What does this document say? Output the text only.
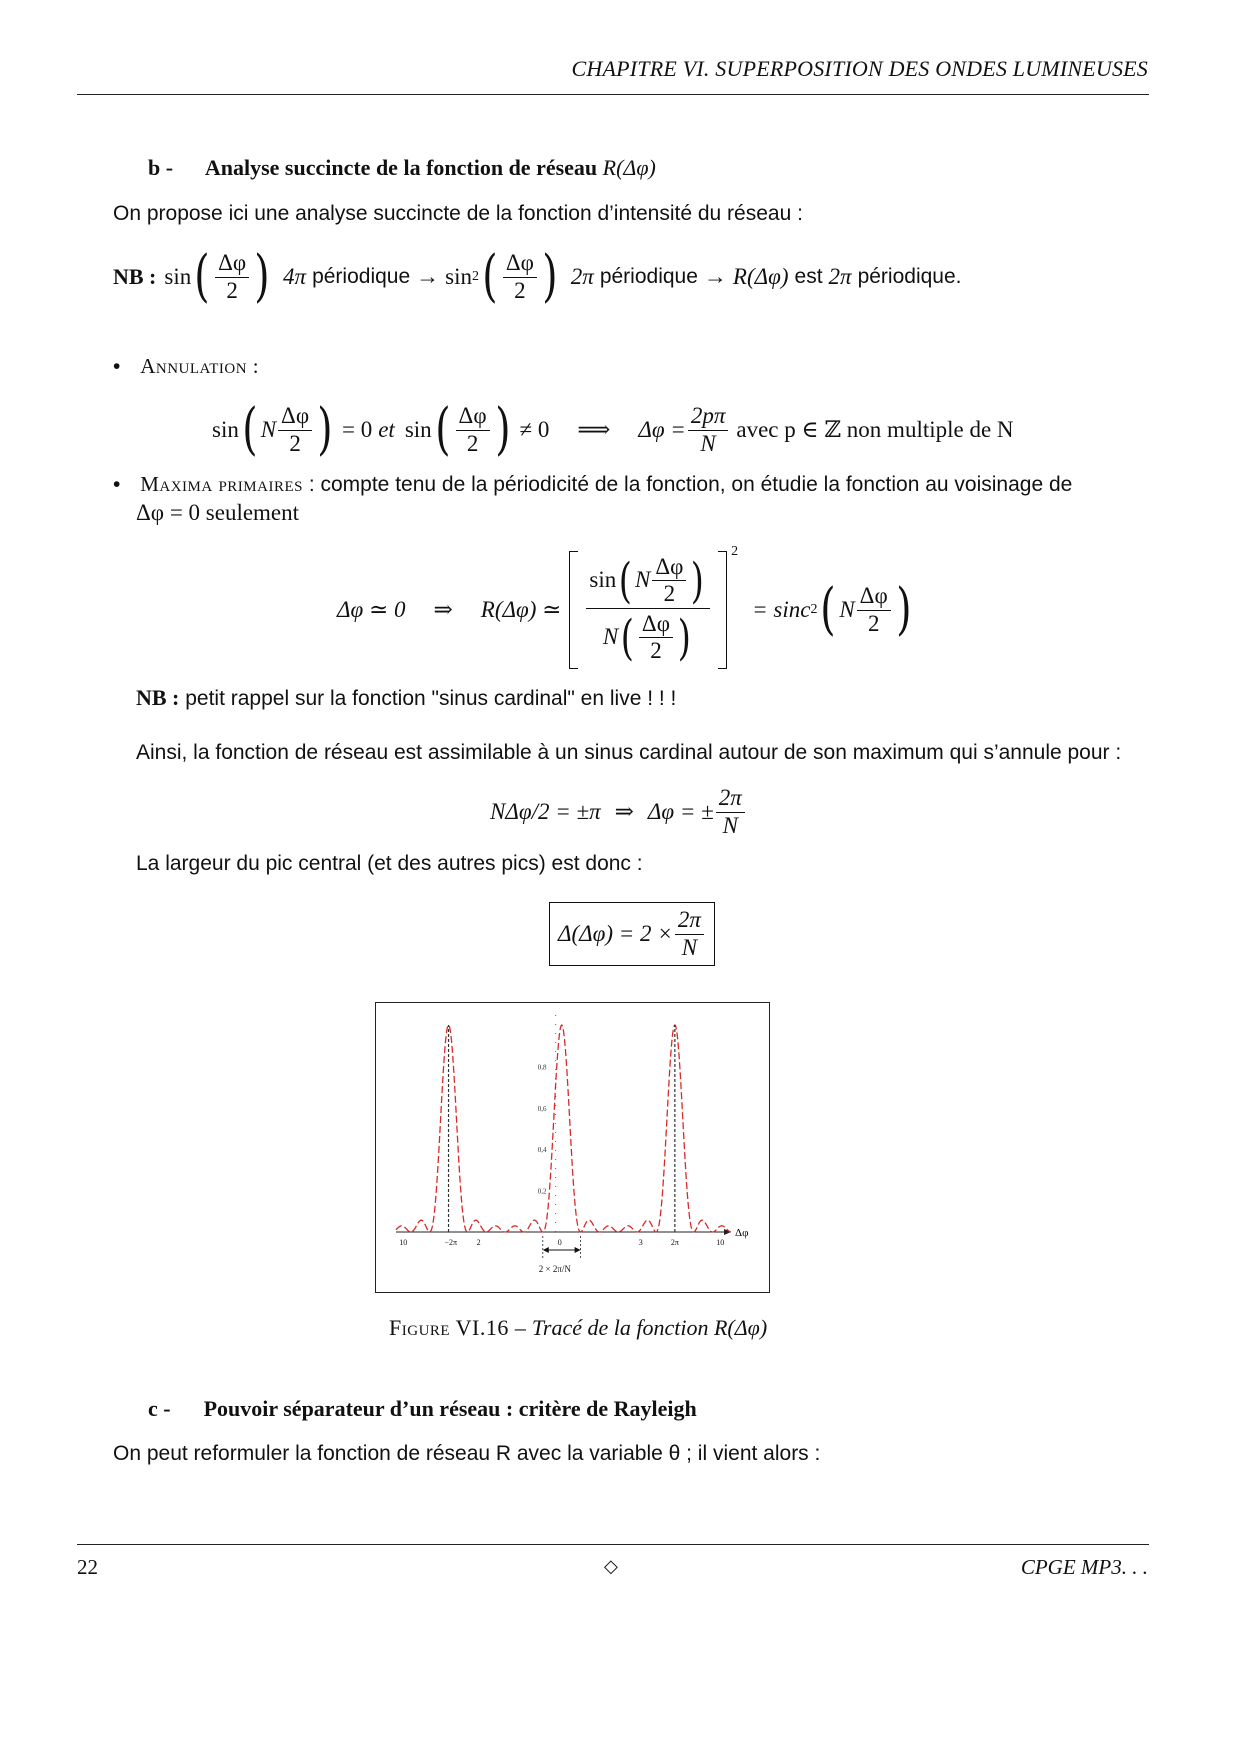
CHAPITRE VI. SUPERPOSITION DES ONDES LUMINEUSES
b - Analyse succincte de la fonction de réseau R(Δφ)
On propose ici une analyse succincte de la fonction d’intensité du réseau :
NB : sin ( $\frac{\Delta\varphi}{2}$ ) 4π périodique → sin 2 ( $\frac{\Delta\varphi}{2}$ ) 2π périodique → R(Δφ) est 2π périodique.
• Annulation :
sin ( N $\frac{\Delta\varphi}{2}$ ) = 0 et sin ( $\frac{\Delta\varphi}{2}$ ) ≠ 0 ⟹ $\Delta\varphi = \frac{2p\pi}{N}$ avec p ∈ ℤ non multiple de N
• Maxima primaires : compte tenu de la périodicité de la fonction, on étudie la fonction au voisinage de
Δφ = 0 seulement
Δφ ≃ 0 ⇒ R(Δφ) ≃ $\frac{\sin ( N \frac{\Delta\varphi}{2} )}{N ( \frac{\Delta\varphi}{2} )}$
$^2$
= sinc 2 ( N $\frac{\Delta\varphi}{2}$ )
NB : petit rappel sur la fonction "sinus cardinal" en live ! ! !
Ainsi, la fonction de réseau est assimilable à un sinus cardinal autour de son maximum qui s’annule pour :
NΔφ/2 = ±π ⇒ Δφ = ± $\frac{2\pi}{N}$
La largeur du pic central (et des autres pics) est donc :
$\Delta(\Delta\varphi) = 2 \times \frac{2\pi}{N}$
Δφ
0,8
0,6
0,4
0,2
10	−2π 2	0	3	2π	10
2 × 2π/N
Figure VI.16 – Tracé de la fonction R(Δφ)
c - Pouvoir séparateur d’un réseau : critère de Rayleigh
On peut reformuler la fonction de réseau R avec la variable θ ; il vient alors :
22	◇	CPGE MP3. . .
